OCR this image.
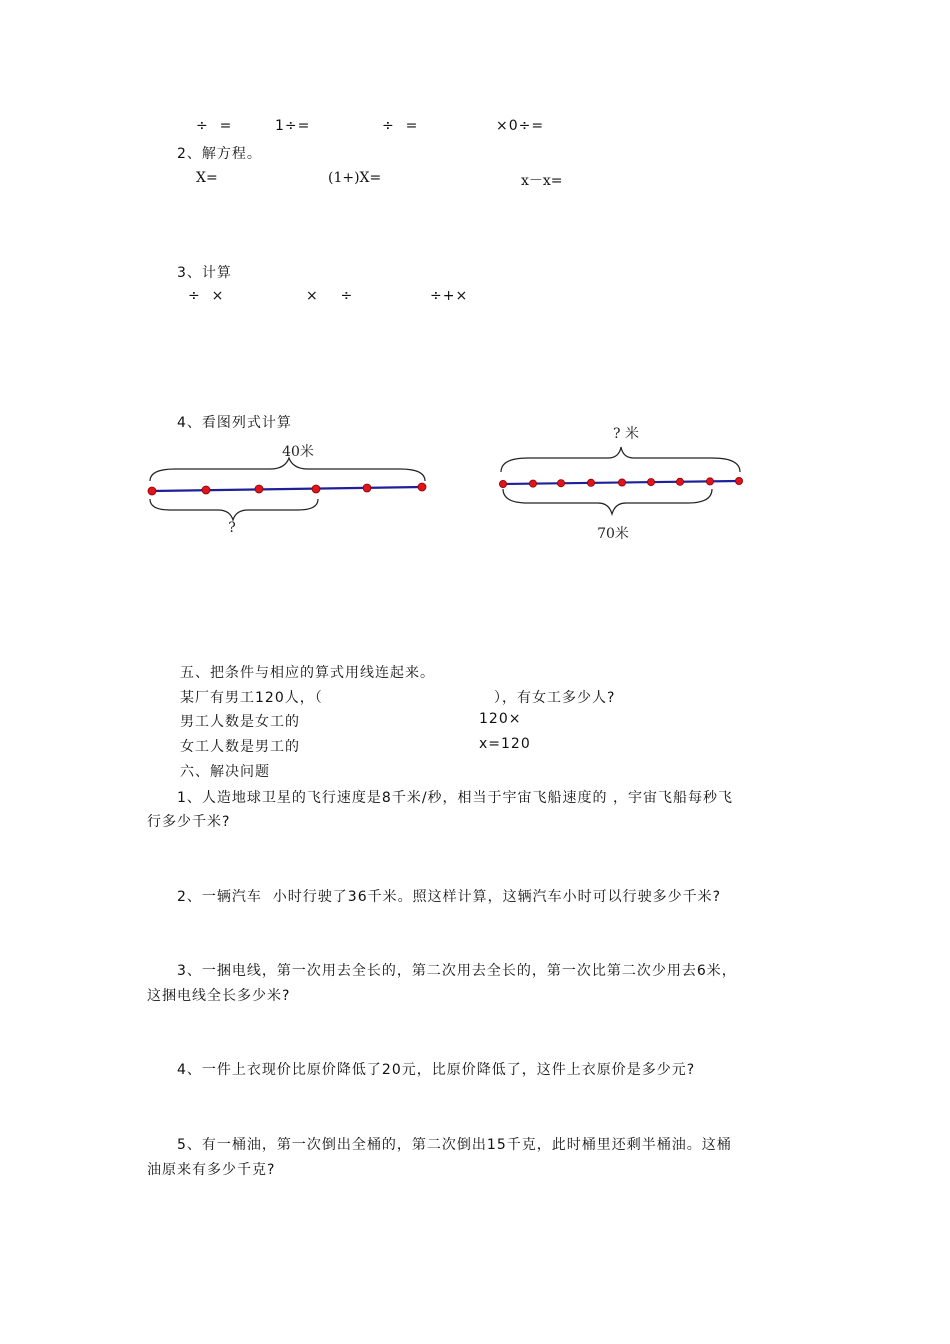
÷  =	1÷=	÷  =	×0÷=
2、解方程。
X=	(1+)X=	x－x=
3、计算
÷  ×	×    ÷	÷+×
4、看图列式计算
40米
?
? 米
70米
五、把条件与相应的算式用线连起来。
某厂有男工120人，（	），有女工多少人?
男工人数是女工的
女工人数是男工的
120×
x=120
六、解决问题
1、人造地球卫星的飞行速度是8千米/秒，相当于宇宙飞船速度的 ，宇宙飞船每秒飞
行多少千米?
2、一辆汽车  小时行驶了36千米。照这样计算，这辆汽车小时可以行驶多少千米?
3、一捆电线，第一次用去全长的，第二次用去全长的，第一次比第二次少用去6米，
这捆电线全长多少米?
4、一件上衣现价比原价降低了20元，比原价降低了，这件上衣原价是多少元?
5、有一桶油，第一次倒出全桶的，第二次倒出15千克，此时桶里还剩半桶油。这桶
油原来有多少千克?
